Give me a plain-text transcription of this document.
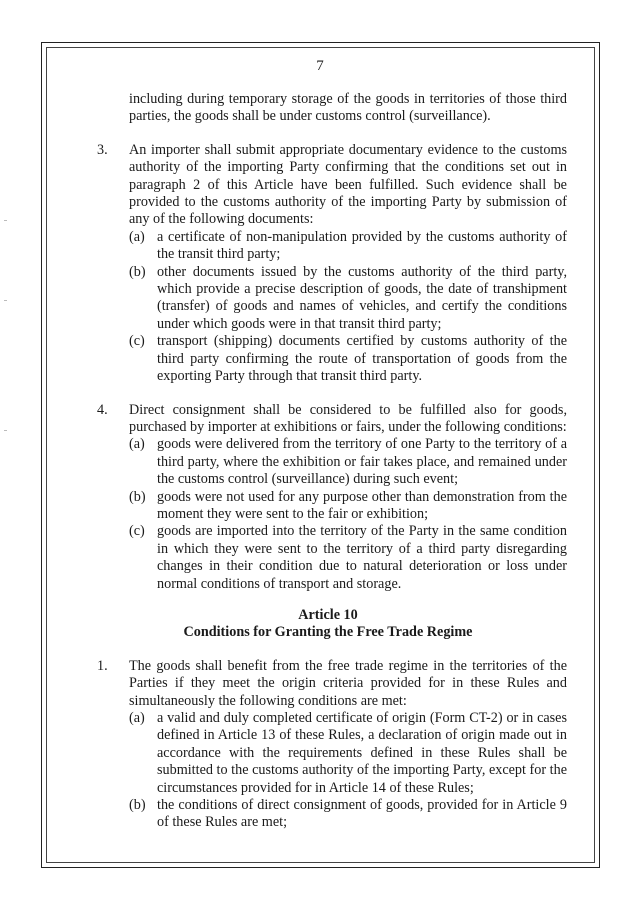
7

including during temporary storage of the goods in territories of those third parties, the goods shall be under customs control (surveillance).

3. An importer shall submit appropriate documentary evidence to the customs authority of the importing Party confirming that the conditions set out in paragraph 2 of this Article have been fulfilled. Such evidence shall be provided to the customs authority of the importing Party by submission of any of the following documents:
(a) a certificate of non-manipulation provided by the customs authority of the transit third party;
(b) other documents issued by the customs authority of the third party, which provide a precise description of goods, the date of transhipment (transfer) of goods and names of vehicles, and certify the conditions under which goods were in that transit third party;
(c) transport (shipping) documents certified by customs authority of the third party confirming the route of transportation of goods from the exporting Party through that transit third party.
4. Direct consignment shall be considered to be fulfilled also for goods, purchased by importer at exhibitions or fairs, under the following conditions:
(a) goods were delivered from the territory of one Party to the territory of a third party, where the exhibition or fair takes place, and remained under the customs control (surveillance) during such event;
(b) goods were not used for any purpose other than demonstration from the moment they were sent to the fair or exhibition;
(c) goods are imported into the territory of the Party in the same condition in which they were sent to the territory of a third party disregarding changes in their condition due to natural deterioration or loss under normal conditions of transport and storage.
Article 10
Conditions for Granting the Free Trade Regime
1. The goods shall benefit from the free trade regime in the territories of the Parties if they meet the origin criteria provided for in these Rules and simultaneously the following conditions are met:
(a) a valid and duly completed certificate of origin (Form CT-2) or in cases defined in Article 13 of these Rules, a declaration of origin made out in accordance with the requirements defined in these Rules shall be submitted to the customs authority of the importing Party, except for the circumstances provided for in Article 14 of these Rules;
(b) the conditions of direct consignment of goods, provided for in Article 9 of these Rules are met;
